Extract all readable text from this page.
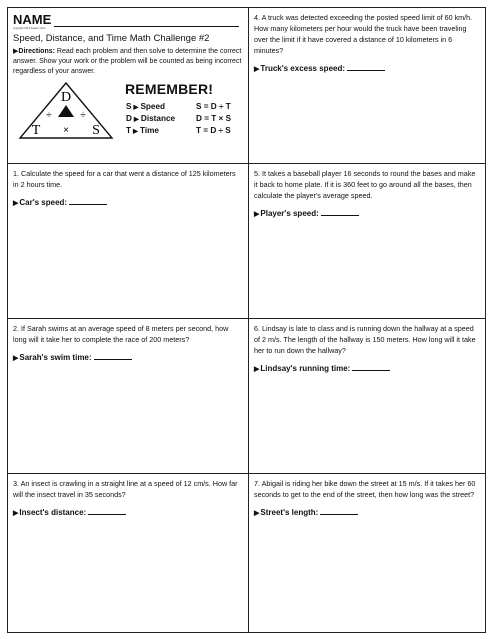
NAME
copyright 2013 Kaylee Yerte
Speed, Distance, and Time Math Challenge #2
▶Directions: Read each problem and then solve to determine the correct answer. Show your work or the problem will be counted as being incorrect regardless of your answer.
D
T	S
×
÷	÷
REMEMBER!
S ▶ Speed	S = D ÷ T
D ▶ Distance	D = T × S
T ▶ Time	T = D ÷ S
1. Calculate the speed for a car that went a distance of 125 kilometers in 2 hours time.
▶Car's speed:
2. If Sarah swims at an average speed of 8 meters per second, how long will it take her to complete the race of 200 meters?
▶Sarah's swim time:
3. An insect is crawling in a straight line at a speed of 12 cm/s. How far will the insect travel in 35 seconds?
▶Insect's distance:
4. A truck was detected exceeding the posted speed limit of 60 km/h. How many kilometers per hour would the truck have been traveling over the limit if it have covered a distance of 10 kilometers in 6 minutes?
▶Truck's excess speed:
5. It takes a baseball player 16 seconds to round the bases and make it back to home plate. If it is 360 feet to go around all the bases, then calculate the player's average speed.
▶Player's speed:
6. Lindsay is late to class and is running down the hallway at a speed of 2 m/s. The length of the hallway is 150 meters. How long will it take her to run down the hallway?
▶Lindsay's running time:
7. Abigail is riding her bike down the street at 15 m/s. If it takes her 60 seconds to get to the end of the street, then how long was the street?
▶Street's length:
